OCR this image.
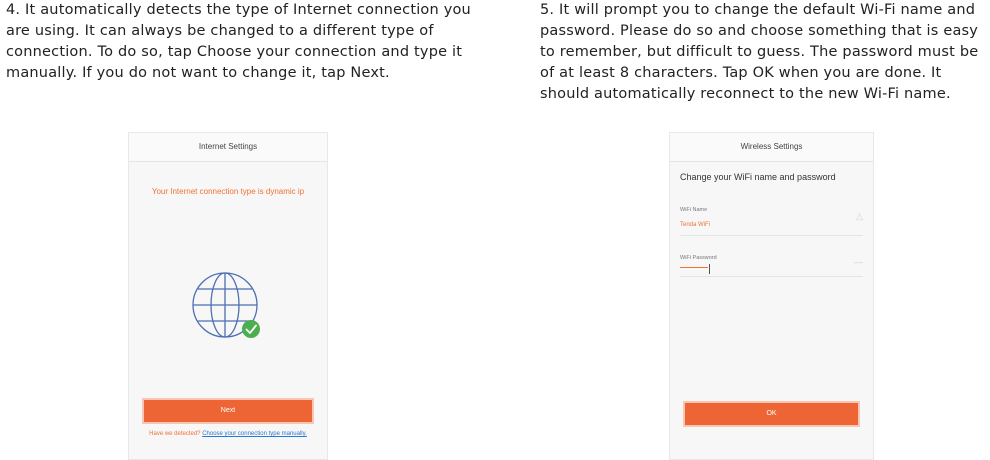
4. It automatically detects the type of Internet connection you are using. It can always be changed to a different type of connection. To do so, tap Choose your connection and type it manually. If you do not want to change it, tap Next.

5. It will prompt you to change the default Wi-Fi name and password. Please do so and choose something that is easy to remember, but difficult to guess. The password must be of at least 8 characters. Tap OK when you are done. It should automatically reconnect to the new Wi-Fi name.

Internet Settings
Your Internet connection type is dynamic ip
Next
Have we detected? Choose your connection type manually.
Wireless Settings
Change your WiFi name and password
WiFi Name
Tenda WiFi
△
WiFi Password	—
OK
